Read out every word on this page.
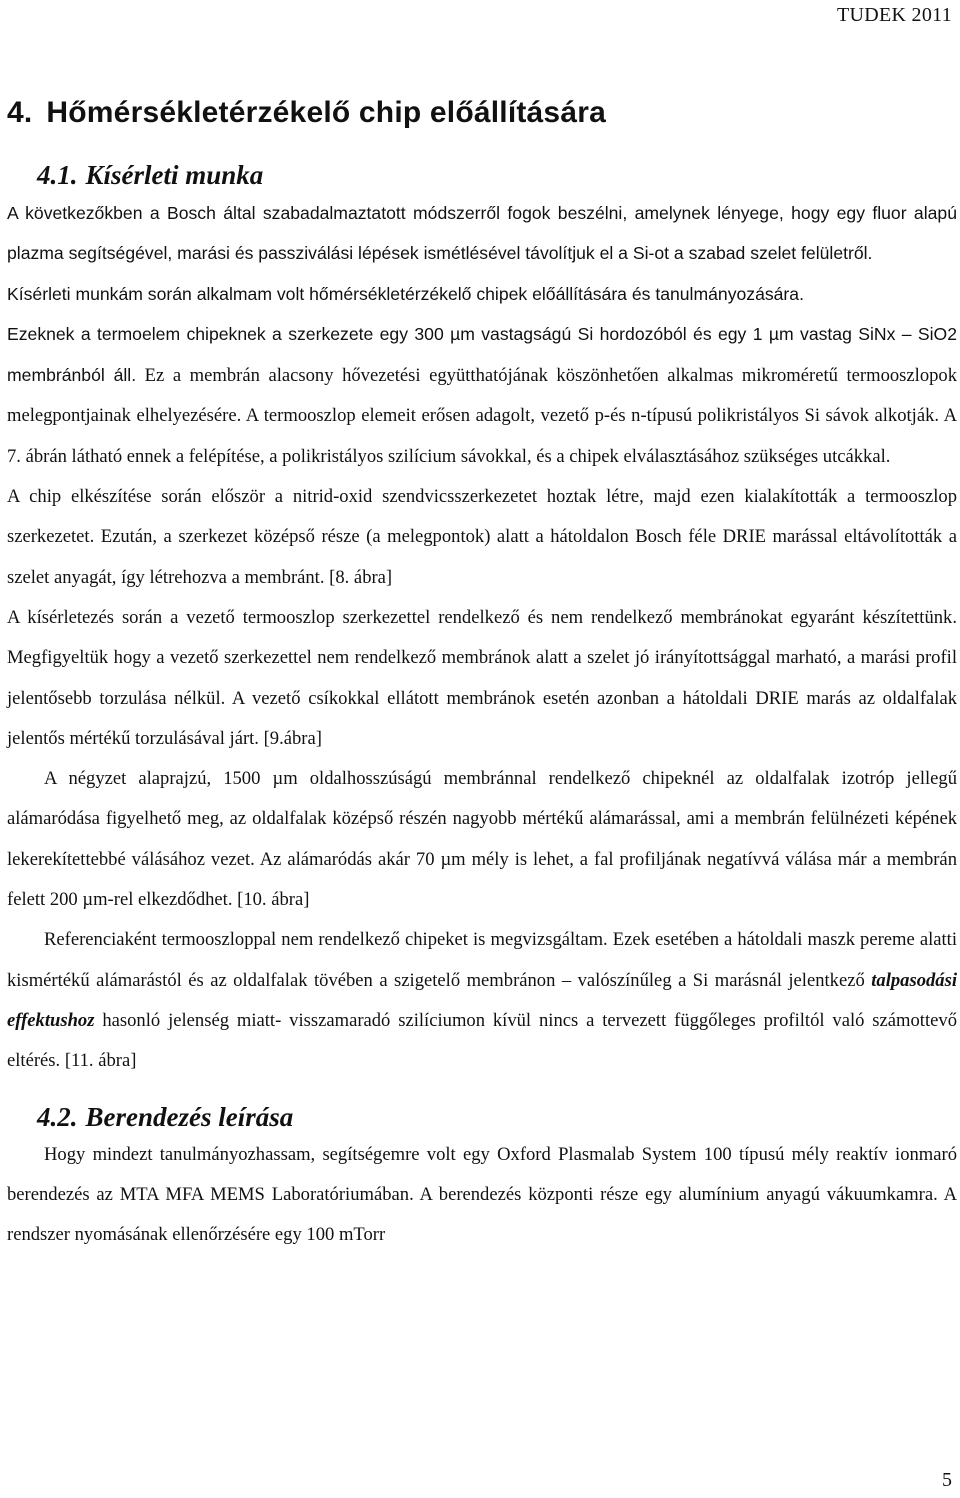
TUDEK 2011
4. Hőmérsékletérzékelő chip előállítására
4.1. Kísérleti munka

A következőkben a Bosch által szabadalmaztatott módszerről fogok beszélni, amelynek lényege, hogy egy fluor alapú plazma segítségével, marási és passziválási lépések ismétlésével távolítjuk el a Si-ot a szabad szelet felületről.

Kísérleti munkám során alkalmam volt hőmérsékletérzékelő chipek előállítására és tanulmányozására.

Ezeknek a termoelem chipeknek a szerkezete egy 300 µm vastagságú Si hordozóból és egy 1 µm vastag SiNx – SiO2 membránból áll. Ez a membrán alacsony hővezetési együtthatójának köszönhetően alkalmas mikroméretű termooszlopok melegpontjainak elhelyezésére. A termooszlop elemeit erősen adagolt, vezető p-és n-típusú polikristályos Si sávok alkotják. A 7. ábrán látható ennek a felépítése, a polikristályos szilícium sávokkal, és a chipek elválasztásához szükséges utcákkal.

A chip elkészítése során először a nitrid-oxid szendvicsszerkezetet hoztak létre, majd ezen kialakították a termooszlop szerkezetet. Ezután, a szerkezet középső része (a melegpontok) alatt a hátoldalon Bosch féle DRIE marással eltávolították a szelet anyagát, így létrehozva a membránt. [8. ábra]

A kísérletezés során a vezető termooszlop szerkezettel rendelkező és nem rendelkező membránokat egyaránt készítettünk. Megfigyeltük hogy a vezető szerkezettel nem rendelkező membránok alatt a szelet jó irányítottsággal marható, a marási profil jelentősebb torzulása nélkül. A vezető csíkokkal ellátott membránok esetén azonban a hátoldali DRIE marás az oldalfalak jelentős mértékű torzulásával járt. [9.ábra]

A négyzet alaprajzú, 1500 µm oldalhosszúságú membránnal rendelkező chipeknél az oldalfalak izotróp jellegű alámaródása figyelhető meg, az oldalfalak középső részén nagyobb mértékű alámarással, ami a membrán felülnézeti képének lekerekítettebbé válásához vezet. Az alámaródás akár 70 µm mély is lehet, a fal profiljának negatívvá válása már a membrán felett 200 µm-rel elkezdődhet. [10. ábra]

Referenciaként termooszloppal nem rendelkező chipeket is megvizsgáltam. Ezek esetében a hátoldali maszk pereme alatti kismértékű alámarástól és az oldalfalak tövében a szigetelő membránon – valószínűleg a Si marásnál jelentkező talpasodási effektushoz hasonló jelenség miatt- visszamaradó szilíciumon kívül nincs a tervezett függőleges profiltól való számottevő eltérés. [11. ábra]

4.2. Berendezés leírása

Hogy mindezt tanulmányozhassam, segítségemre volt egy Oxford Plasmalab System 100 típusú mély reaktív ionmaró berendezés az MTA MFA MEMS Laboratóriumában. A berendezés központi része egy alumínium anyagú vákuumkamra. A rendszer nyomásának ellenőrzésére egy 100 mTorr

5
